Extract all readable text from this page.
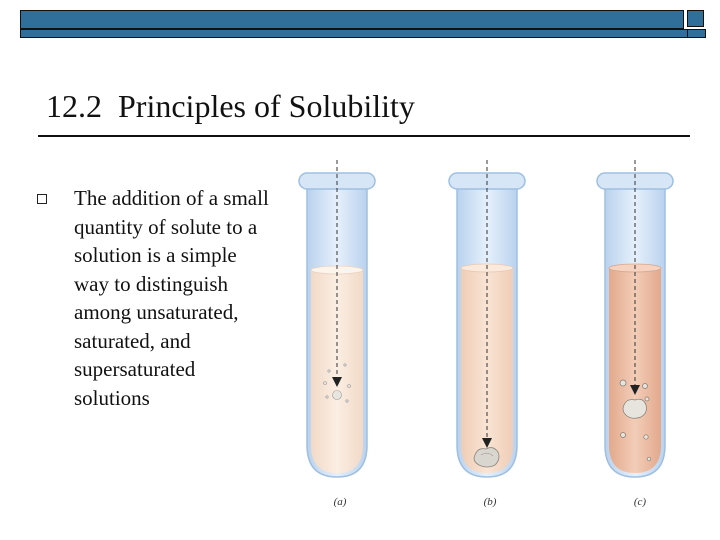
12.2  Principles of Solubility
The addition of a small quantity of solute to a solution is a simple way to distinguish among unsaturated, saturated, and supersaturated solutions
(a)	(b)	(c)
